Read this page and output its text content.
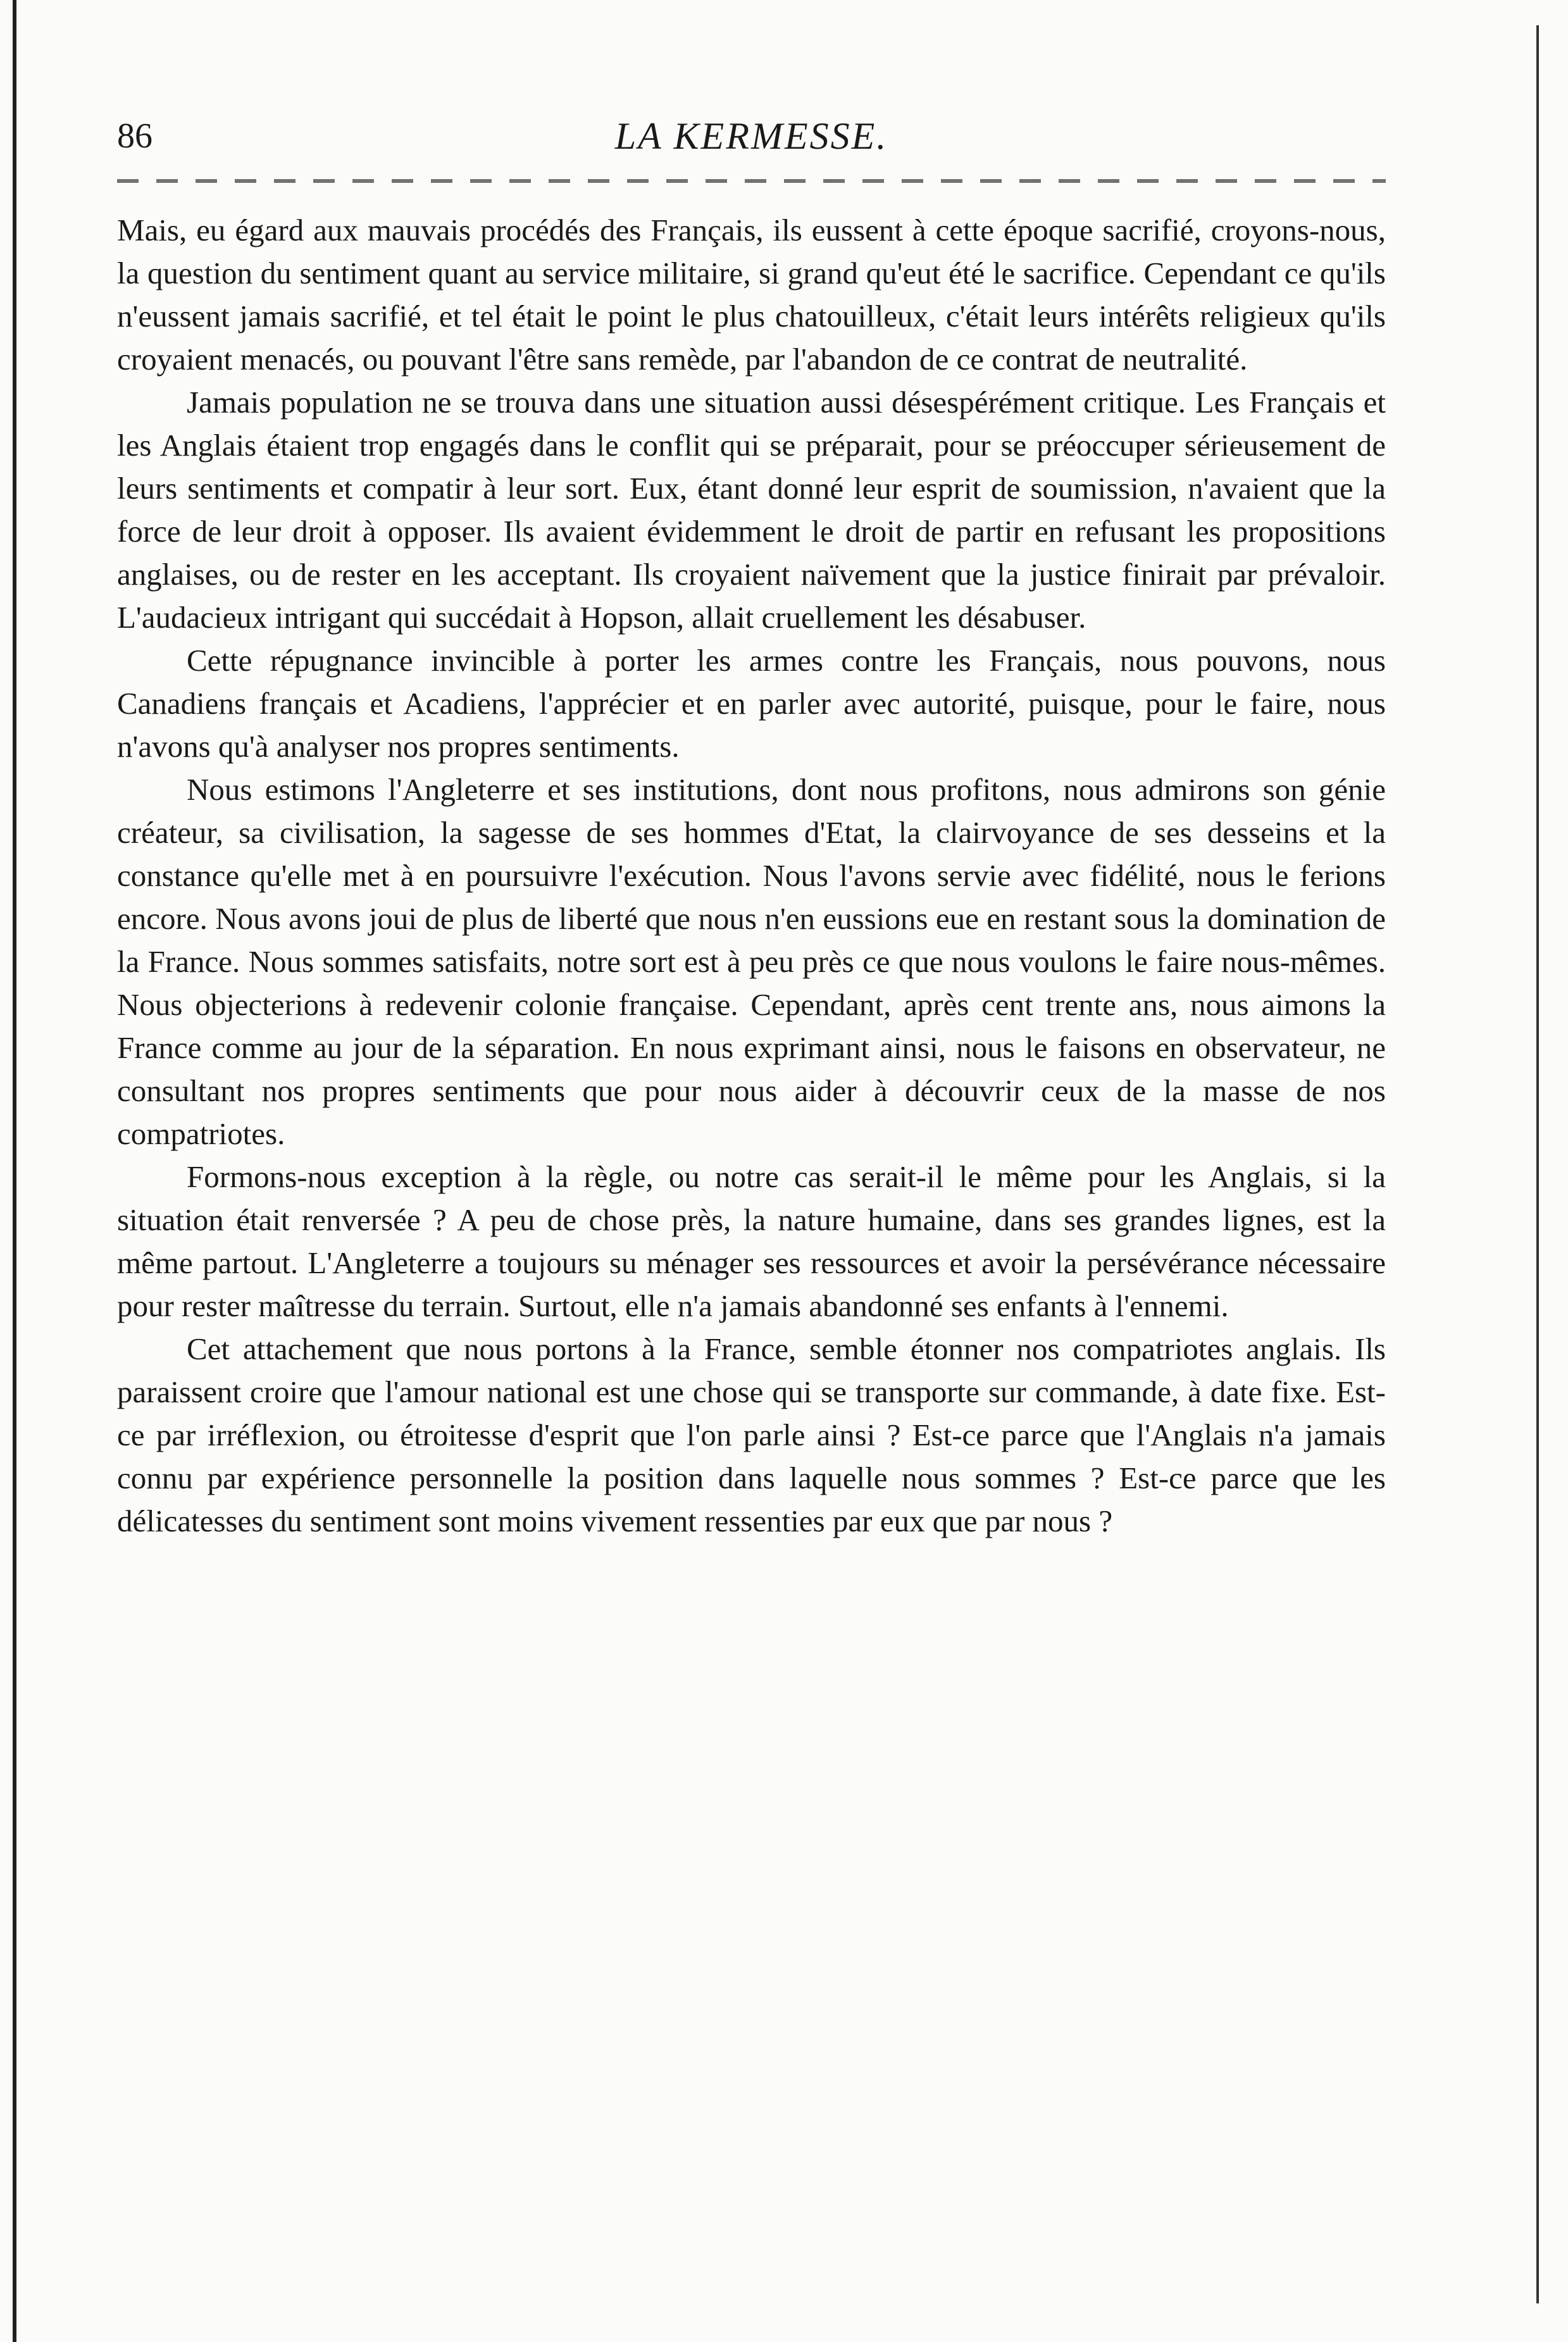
86	LA KERMESSE.

Mais, eu égard aux mauvais procédés des Français, ils eussent à cette époque sacrifié, croyons-nous, la question du sentiment quant au service militaire, si grand qu'eut été le sacrifice. Cependant ce qu'ils n'eussent jamais sacrifié, et tel était le point le plus chatouilleux, c'était leurs intérêts religieux qu'ils croyaient menacés, ou pouvant l'être sans remède, par l'abandon de ce contrat de neutralité.

Jamais population ne se trouva dans une situation aussi désespérément critique. Les Français et les Anglais étaient trop engagés dans le conflit qui se préparait, pour se préoccuper sérieusement de leurs sentiments et compatir à leur sort. Eux, étant donné leur esprit de soumission, n'avaient que la force de leur droit à opposer. Ils avaient évidemment le droit de partir en refusant les propositions anglaises, ou de rester en les acceptant. Ils croyaient naïvement que la justice finirait par prévaloir. L'audacieux intrigant qui succédait à Hopson, allait cruellement les désabuser.

Cette répugnance invincible à porter les armes contre les Français, nous pouvons, nous Canadiens français et Acadiens, l'apprécier et en parler avec autorité, puisque, pour le faire, nous n'avons qu'à analyser nos propres sentiments.

Nous estimons l'Angleterre et ses institutions, dont nous profitons, nous admirons son génie créateur, sa civilisation, la sagesse de ses hommes d'Etat, la clairvoyance de ses desseins et la constance qu'elle met à en poursuivre l'exécution. Nous l'avons servie avec fidélité, nous le ferions encore. Nous avons joui de plus de liberté que nous n'en eussions eue en restant sous la domination de la France. Nous sommes satisfaits, notre sort est à peu près ce que nous voulons le faire nous-mêmes. Nous objecterions à redevenir colonie française. Cependant, après cent trente ans, nous aimons la France comme au jour de la séparation. En nous exprimant ainsi, nous le faisons en observateur, ne consultant nos propres sentiments que pour nous aider à découvrir ceux de la masse de nos compatriotes.

Formons-nous exception à la règle, ou notre cas serait-il le même pour les Anglais, si la situation était renversée ? A peu de chose près, la nature humaine, dans ses grandes lignes, est la même partout. L'Angleterre a toujours su ménager ses ressources et avoir la persévérance nécessaire pour rester maîtresse du terrain. Surtout, elle n'a jamais abandonné ses enfants à l'ennemi.

Cet attachement que nous portons à la France, semble étonner nos compatriotes anglais. Ils paraissent croire que l'amour national est une chose qui se transporte sur commande, à date fixe. Est-ce par irréflexion, ou étroitesse d'esprit que l'on parle ainsi ? Est-ce parce que l'Anglais n'a jamais connu par expérience personnelle la position dans laquelle nous sommes ? Est-ce parce que les délicatesses du sentiment sont moins vivement ressenties par eux que par nous ?
